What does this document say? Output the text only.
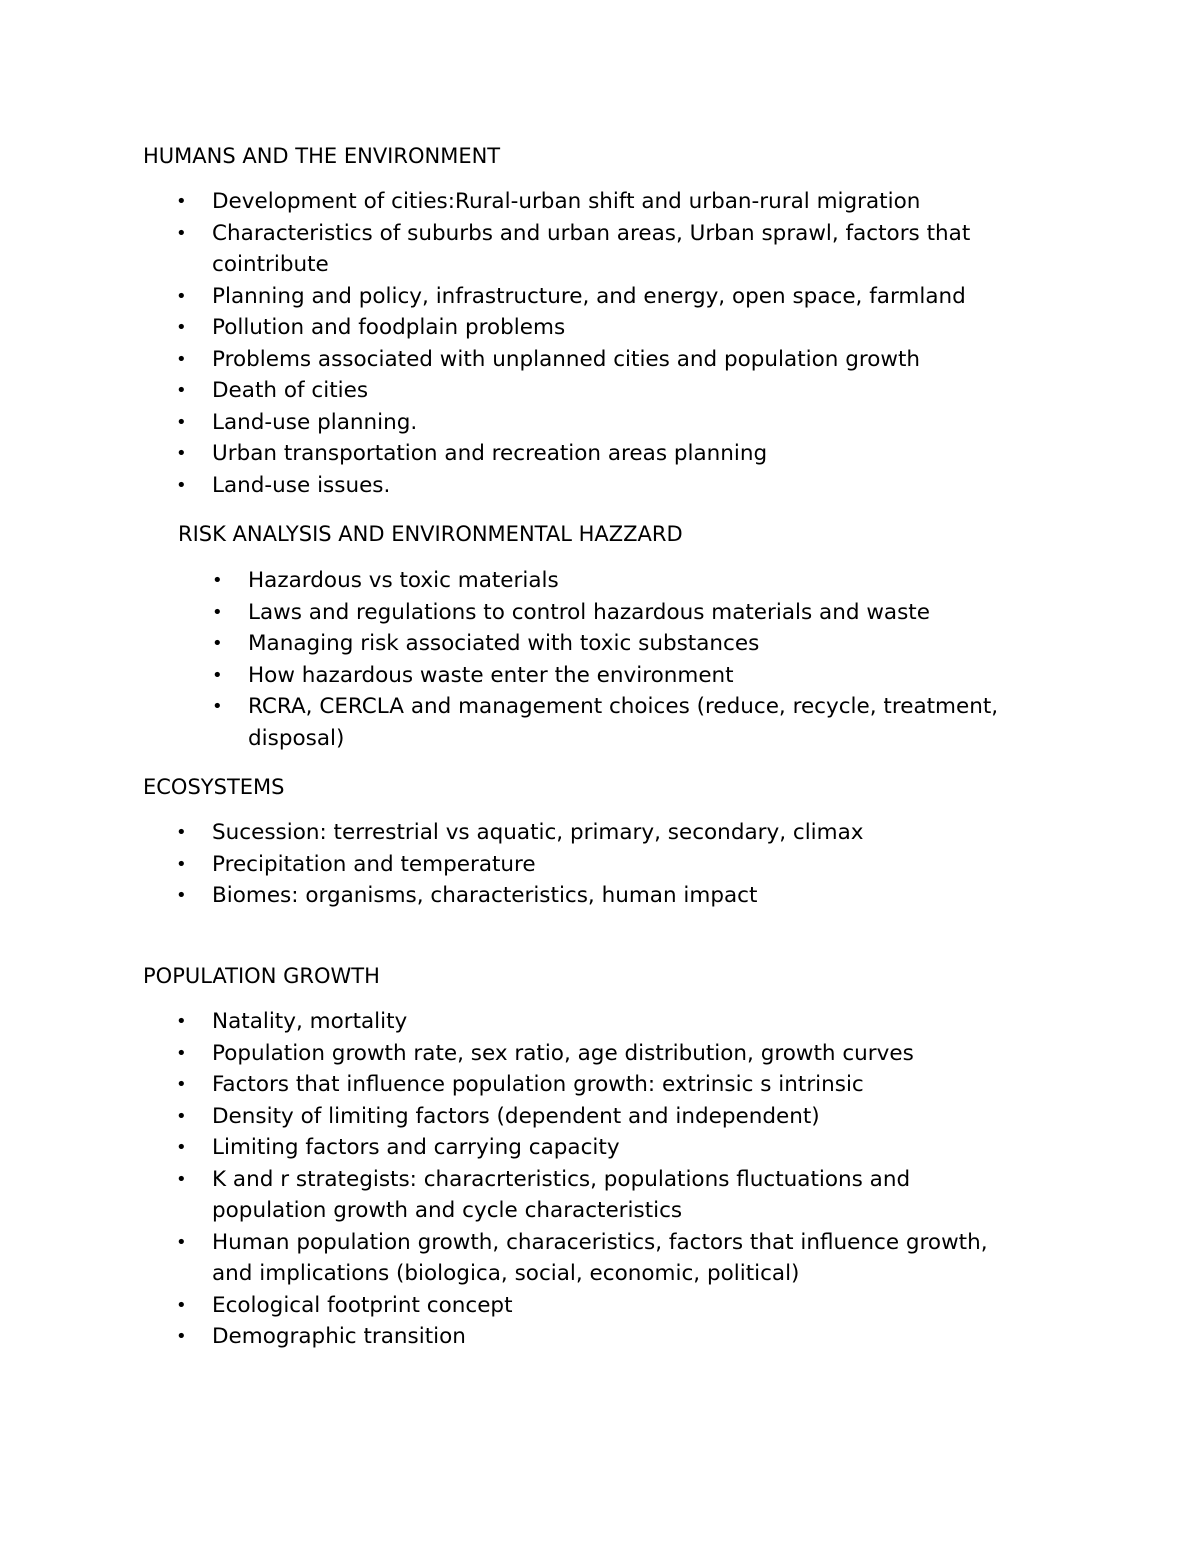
HUMANS AND THE ENVIRONMENT
• Development of cities:Rural-urban shift and urban-rural migration
• Characteristics of suburbs and urban areas, Urban sprawl, factors that cointribute
• Planning and policy, infrastructure, and energy, open space, farmland
• Pollution and foodplain problems
• Problems associated with unplanned cities and population growth
• Death of cities
• Land-use planning.
• Urban transportation and recreation areas planning
• Land-use issues.
RISK ANALYSIS AND ENVIRONMENTAL HAZZARD
• Hazardous vs toxic materials
• Laws and regulations to control hazardous materials and waste
• Managing risk associated with toxic substances
• How hazardous waste enter the environment
• RCRA, CERCLA and management choices (reduce, recycle, treatment, disposal)
ECOSYSTEMS
• Sucession: terrestrial vs aquatic, primary, secondary, climax
• Precipitation and temperature
• Biomes: organisms, characteristics, human impact
POPULATION GROWTH
• Natality, mortality
• Population growth rate, sex ratio, age distribution, growth curves
• Factors that influence population growth: extrinsic s intrinsic
• Density of limiting factors (dependent and independent)
• Limiting factors and carrying capacity
• K and r strategists: characrteristics, populations fluctuations and population growth and cycle characteristics
• Human population growth, characeristics, factors that influence growth, and implications (biologica, social, economic, political)
• Ecological footprint concept
• Demographic transition
